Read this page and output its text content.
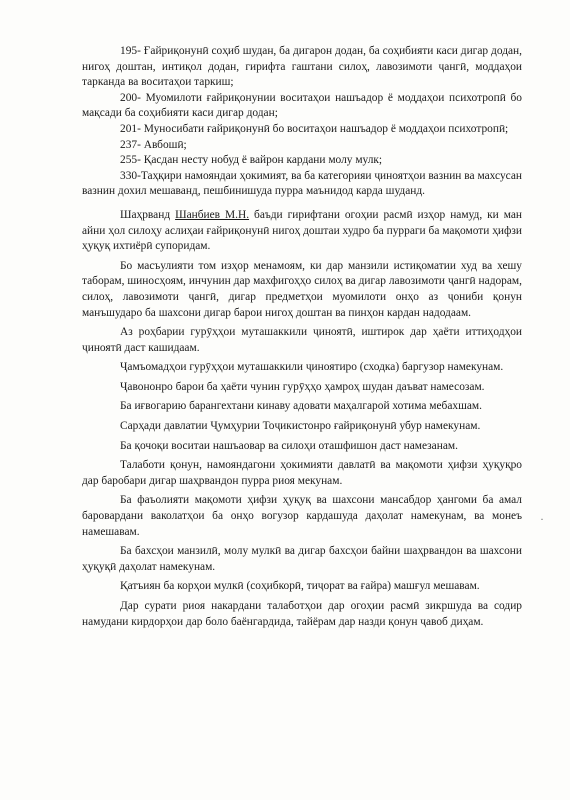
195- Ғайриқонунӣ соҳиб шудан, ба дигарон додан, ба соҳибияти каси дигар додан, нигоҳ доштан, интиқол додан, гирифта гаштани силоҳ, лавозимоти ҷангӣ, моддаҳои тарканда ва воситаҳои таркиш;

200- Муомилоти ғайриқонунии воситаҳои нашъадор ё моддаҳои психотропӣ бо мақсади ба соҳибияти каси дигар додан;

201- Муносибати ғайриқонунӣ бо воситаҳои нашъадор ё моддаҳои психотропӣ;

237- Авбошӣ;

255- Қасдан несту нобуд ё вайрон кардани молу мулк;

330-Таҳқири намояндаи ҳокимият, ва ба категорияи ҷиноятҳои вазнин ва махсусан вазнин дохил мешаванд, пешбинишуда пурра маънидод карда шуданд.

Шаҳрванд Шанбиев М.Н. баъди гирифтани огоҳии расмӣ изҳор намуд, ки ман айни ҳол силоҳу аслиҳаи ғайриқонунӣ нигоҳ доштаи худро ба пурраги ба мақомоти ҳифзи ҳуқуқ ихтиёрӣ супоридам.

Бо масъулияти том изҳор менамоям, ки дар манзили истиқоматии худ ва хешу таборам, шиносҳоям, инчунин дар махфигоҳҳо силоҳ ва дигар лавозимоти ҷангӣ надорам, силоҳ, лавозимоти ҷангӣ, дигар предметҳои муомилоти онҳо аз ҷониби қонун манъшударо ба шахсони дигар барои нигоҳ доштан ва пинҳон кардан надодаам.

Аз роҳбарии гурӯҳҳои муташаккили ҷиноятӣ, иштирок дар ҳаёти иттиҳодҳои ҷиноятӣ даст кашидаам.

Ҷамъомадҳои гурӯҳҳои муташаккили ҷиноятиро (сходка) баргузор намекунам.

Ҷавононро барои ба ҳаёти чунин гурӯҳҳо ҳамроҳ шудан даъват намесозам.

Ба иғвогарию барангехтани кинаву адовати маҳалгарой хотима мебахшам.

Сарҳади давлатии Ҷумҳурии Тоҷикистонро ғайриқонунӣ убур намекунам.

Ба қочоқи воситаи нашъаовар ва силоҳи оташфишон даст намезанам.

Талаботи қонун, намояндагони ҳокимияти давлатӣ ва мақомоти ҳифзи ҳуқуқро дар баробари дигар шаҳрвандон пурра риоя мекунам.

Ба фаъолияти мақомоти ҳифзи ҳуқуқ ва шахсони мансабдор ҳангоми ба амал баровардани ваколатҳои ба онҳо вогузор кардашуда даҳолат намекунам, ва монеъ намешавам.

Ба бахсҳои манзилӣ, молу мулкӣ ва дигар бахсҳои байни шаҳрвандон ва шахсони ҳуқуқӣ даҳолат намекунам.

Қатъиян ба корҳои мулкӣ (соҳибкорӣ, тиҷорат ва ғайра) машғул мешавам.

Дар сурати риоя накардани талаботҳои дар огоҳии расмӣ зикршуда ва содир намудани кирдорҳои дар боло баёнгардида, тайёрам дар назди қонун ҷавоб диҳам.

·
